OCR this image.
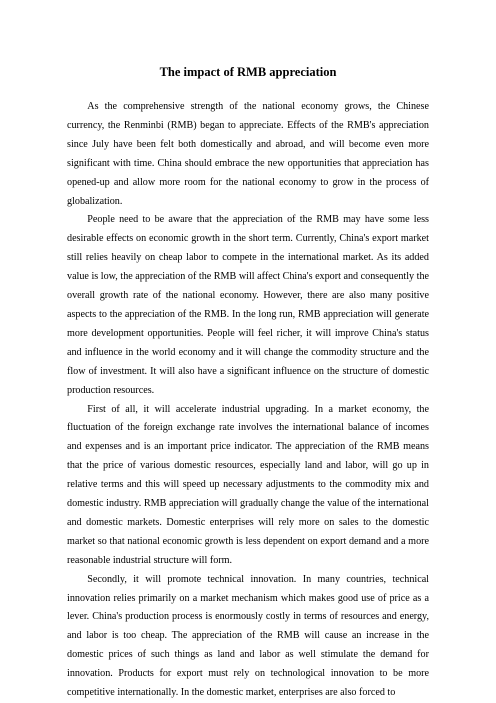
The impact of RMB appreciation

As the comprehensive strength of the national economy grows, the Chinese currency, the Renminbi (RMB) began to appreciate. Effects of the RMB's appreciation since July have been felt both domestically and abroad, and will become even more significant with time. China should embrace the new opportunities that appreciation has opened-up and allow more room for the national economy to grow in the process of globalization.

People need to be aware that the appreciation of the RMB may have some less desirable effects on economic growth in the short term. Currently, China's export market still relies heavily on cheap labor to compete in the international market. As its added value is low, the appreciation of the RMB will affect China's export and consequently the overall growth rate of the national economy. However, there are also many positive aspects to the appreciation of the RMB. In the long run, RMB appreciation will generate more development opportunities. People will feel richer, it will improve China's status and influence in the world economy and it will change the commodity structure and the flow of investment. It will also have a significant influence on the structure of domestic production resources.

First of all, it will accelerate industrial upgrading. In a market economy, the fluctuation of the foreign exchange rate involves the international balance of incomes and expenses and is an important price indicator. The appreciation of the RMB means that the price of various domestic resources, especially land and labor, will go up in relative terms and this will speed up necessary adjustments to the commodity mix and domestic industry. RMB appreciation will gradually change the value of the international and domestic markets. Domestic enterprises will rely more on sales to the domestic market so that national economic growth is less dependent on export demand and a more reasonable industrial structure will form.

Secondly, it will promote technical innovation. In many countries, technical innovation relies primarily on a market mechanism which makes good use of price as a lever. China's production process is enormously costly in terms of resources and energy, and labor is too cheap. The appreciation of the RMB will cause an increase in the domestic prices of such things as land and labor as well stimulate the demand for innovation. Products for export must rely on technological innovation to be more competitive internationally. In the domestic market, enterprises are also forced to
